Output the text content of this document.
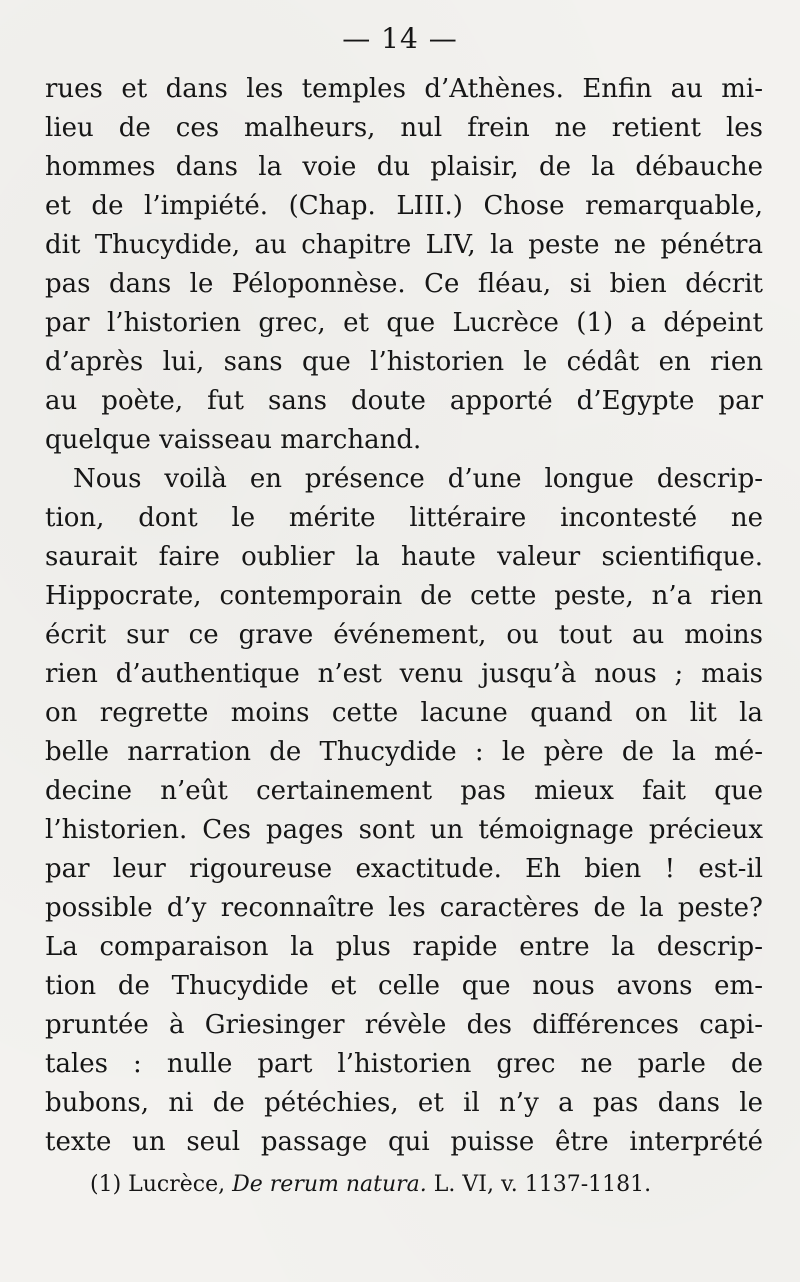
— 14 —
rues et dans les temples d’Athènes. Enfin au mi-
lieu de ces malheurs, nul frein ne retient les
hommes dans la voie du plaisir, de la débauche
et de l’impiété. (Chap. LIII.) Chose remarquable,
dit Thucydide, au chapitre LIV, la peste ne pénétra
pas dans le Péloponnèse. Ce fléau, si bien décrit
par l’historien grec, et que Lucrèce (1) a dépeint
d’après lui, sans que l’historien le cédât en rien
au poète, fut sans doute apporté d’Egypte par
quelque vaisseau marchand.
Nous voilà en présence d’une longue descrip-
tion, dont le mérite littéraire incontesté ne
saurait faire oublier la haute valeur scientifique.
Hippocrate, contemporain de cette peste, n’a rien
écrit sur ce grave événement, ou tout au moins
rien d’authentique n’est venu jusqu’à nous ; mais
on regrette moins cette lacune quand on lit la
belle narration de Thucydide : le père de la mé-
decine n’eût certainement pas mieux fait que
l’historien. Ces pages sont un témoignage précieux
par leur rigoureuse exactitude. Eh bien ! est-il
possible d’y reconnaître les caractères de la peste?
La comparaison la plus rapide entre la descrip-
tion de Thucydide et celle que nous avons em-
pruntée à Griesinger révèle des différences capi-
tales : nulle part l’historien grec ne parle de
bubons, ni de pétéchies, et il n’y a pas dans le
texte un seul passage qui puisse être interprété
(1) Lucrèce, De rerum natura. L. VI, v. 1137-1181.
